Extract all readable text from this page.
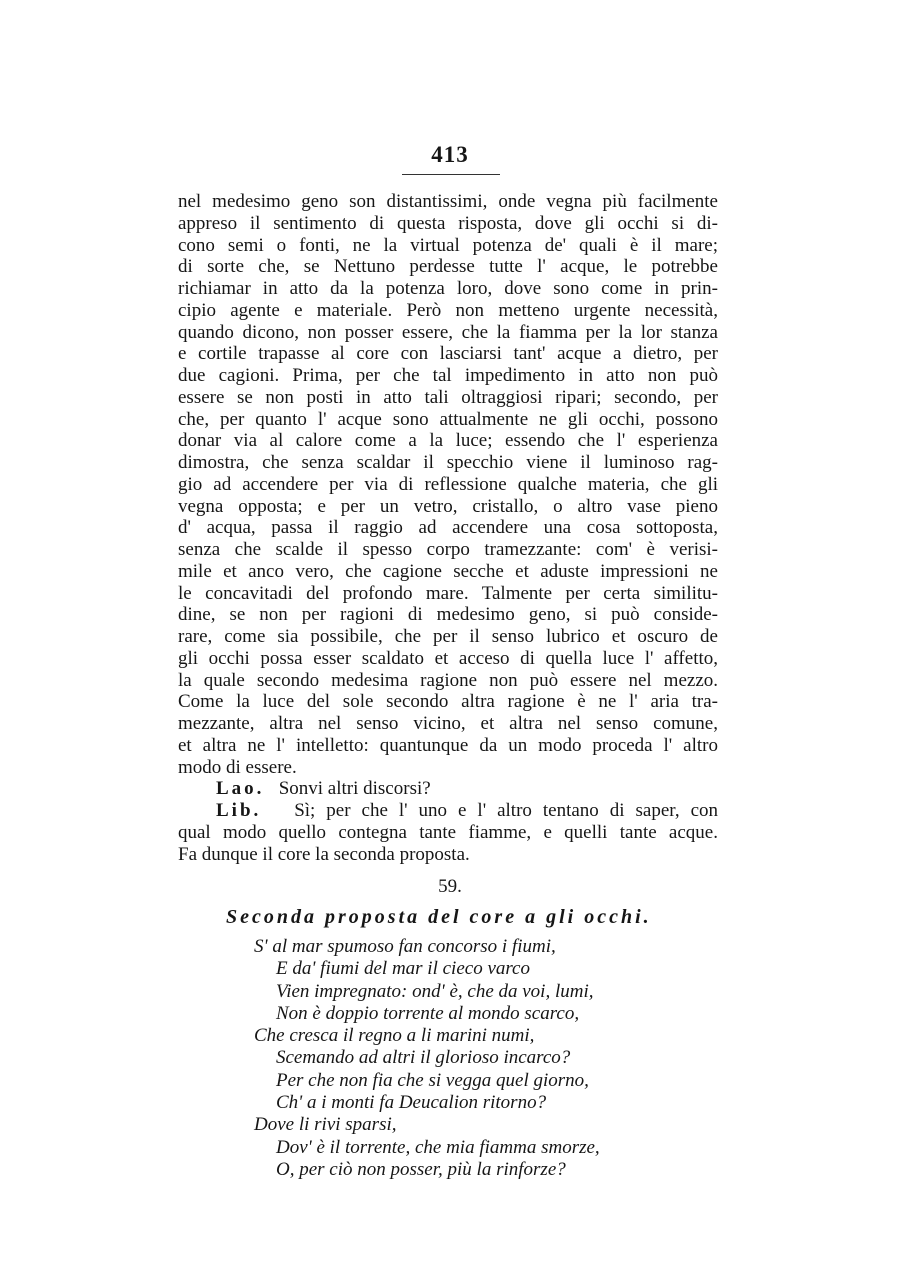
413
nel medesimo geno son distantissimi, onde vegna più facilmente
appreso il sentimento di questa risposta, dove gli occhi si di-
cono semi o fonti, ne la virtual potenza de' quali è il mare;
di sorte che, se Nettuno perdesse tutte l' acque, le potrebbe
richiamar in atto da la potenza loro, dove sono come in prin-
cipio agente e materiale. Però non metteno urgente necessità,
quando dicono, non posser essere, che la fiamma per la lor stanza
e cortile trapasse al core con lasciarsi tant' acque a dietro, per
due cagioni. Prima, per che tal impedimento in atto non può
essere se non posti in atto tali oltraggiosi ripari; secondo, per
che, per quanto l' acque sono attualmente ne gli occhi, possono
donar via al calore come a la luce; essendo che l' esperienza
dimostra, che senza scaldar il specchio viene il luminoso rag-
gio ad accendere per via di reflessione qualche materia, che gli
vegna opposta; e per un vetro, cristallo, o altro vase pieno
d' acqua, passa il raggio ad accendere una cosa sottoposta,
senza che scalde il spesso corpo tramezzante: com' è verisi-
mile et anco vero, che cagione secche et aduste impressioni ne
le concavitadi del profondo mare. Talmente per certa similitu-
dine, se non per ragioni di medesimo geno, si può conside-
rare, come sia possibile, che per il senso lubrico et oscuro de
gli occhi possa esser scaldato et acceso di quella luce l' affetto,
la quale secondo medesima ragione non può essere nel mezzo.
Come la luce del sole secondo altra ragione è ne l' aria tra-
mezzante, altra nel senso vicino, et altra nel senso comune,
et altra ne l' intelletto: quantunque da un modo proceda l' altro
modo di essere.
Lao. Sonvi altri discorsi?
Lib. Sì; per che l' uno e l' altro tentano di saper, con
qual modo quello contegna tante fiamme, e quelli tante acque.
Fa dunque il core la seconda proposta.
59.
Seconda proposta del core a gli occhi.
S' al mar spumoso fan concorso i fiumi,
E da' fiumi del mar il cieco varco
Vien impregnato: ond' è, che da voi, lumi,
Non è doppio torrente al mondo scarco,
Che cresca il regno a li marini numi,
Scemando ad altri il glorioso incarco?
Per che non fia che si vegga quel giorno,
Ch' a i monti fa Deucalion ritorno?
Dove li rivi sparsi,
Dov' è il torrente, che mia fiamma smorze,
O, per ciò non posser, più la rinforze?
